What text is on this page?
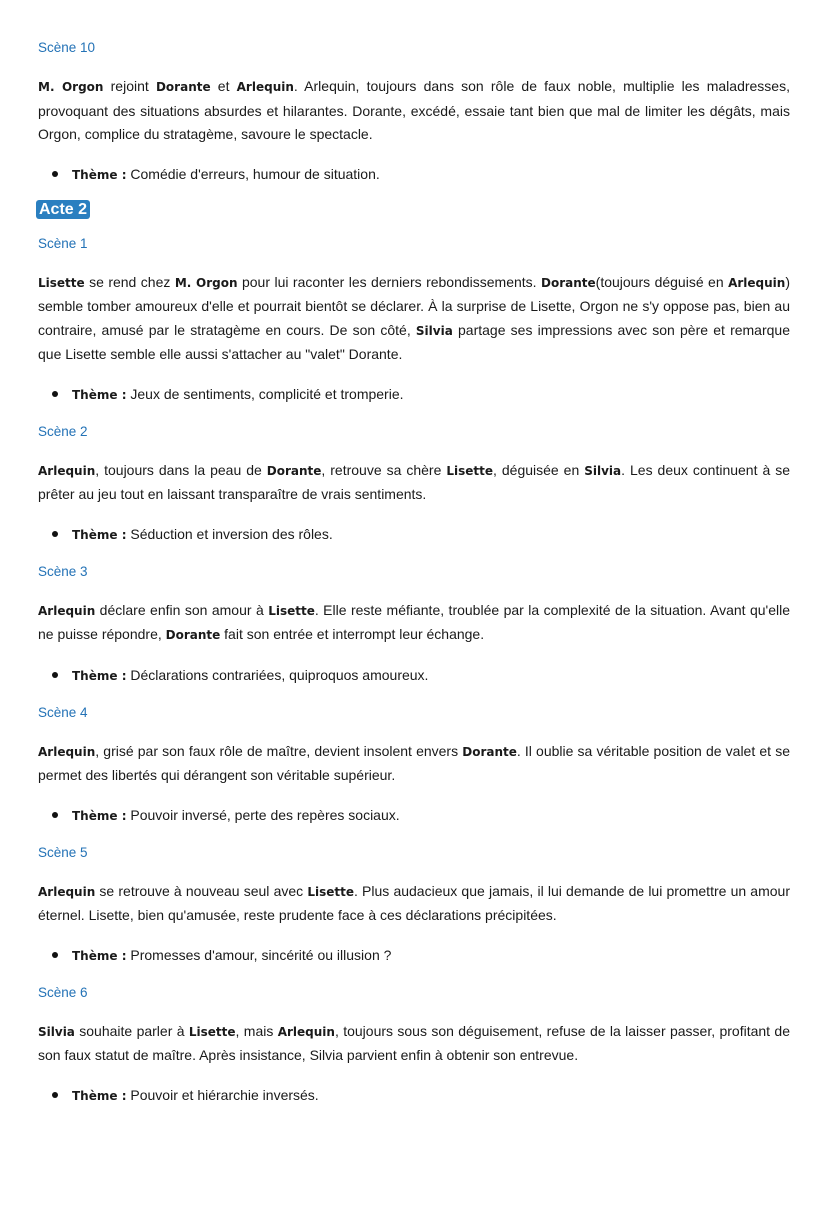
Scène 10

M. Orgon rejoint Dorante et Arlequin. Arlequin, toujours dans son rôle de faux noble, multiplie les maladresses, provoquant des situations absurdes et hilarantes. Dorante, excédé, essaie tant bien que mal de limiter les dégâts, mais Orgon, complice du stratagème, savoure le spectacle.

Thème : Comédie d'erreurs, humour de situation.
Acte 2
Scène 1

Lisette se rend chez M. Orgon pour lui raconter les derniers rebondissements. Dorante(toujours déguisé en Arlequin) semble tomber amoureux d'elle et pourrait bientôt se déclarer. À la surprise de Lisette, Orgon ne s'y oppose pas, bien au contraire, amusé par le stratagème en cours. De son côté, Silvia partage ses impressions avec son père et remarque que Lisette semble elle aussi s'attacher au "valet" Dorante.

Thème : Jeux de sentiments, complicité et tromperie.
Scène 2

Arlequin, toujours dans la peau de Dorante, retrouve sa chère Lisette, déguisée en Silvia. Les deux continuent à se prêter au jeu tout en laissant transparaître de vrais sentiments.

Thème : Séduction et inversion des rôles.
Scène 3

Arlequin déclare enfin son amour à Lisette. Elle reste méfiante, troublée par la complexité de la situation. Avant qu'elle ne puisse répondre, Dorante fait son entrée et interrompt leur échange.

Thème : Déclarations contrariées, quiproquos amoureux.
Scène 4

Arlequin, grisé par son faux rôle de maître, devient insolent envers Dorante. Il oublie sa véritable position de valet et se permet des libertés qui dérangent son véritable supérieur.

Thème : Pouvoir inversé, perte des repères sociaux.
Scène 5

Arlequin se retrouve à nouveau seul avec Lisette. Plus audacieux que jamais, il lui demande de lui promettre un amour éternel. Lisette, bien qu'amusée, reste prudente face à ces déclarations précipitées.

Thème : Promesses d'amour, sincérité ou illusion ?
Scène 6

Silvia souhaite parler à Lisette, mais Arlequin, toujours sous son déguisement, refuse de la laisser passer, profitant de son faux statut de maître. Après insistance, Silvia parvient enfin à obtenir son entrevue.

Thème : Pouvoir et hiérarchie inversés.
